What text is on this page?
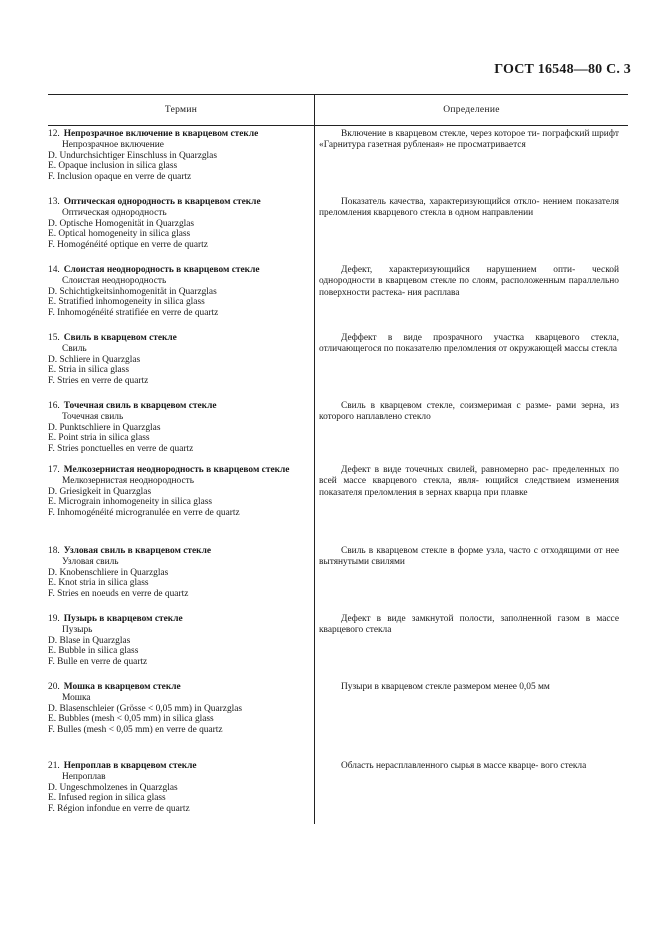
ГОСТ 16548—80 С. 3
Термин	Определение
12. Непрозрачное включение в кварцевом стекле
Непрозрачное включение
D. Undurchsichtiger Einschluss in Quarzglas
E. Opaque inclusion in silica glass
F. Inclusion opaque en verre de quartz
Включение в кварцевом стекле, через которое ти- пографский шрифт «Гарнитура газетная рубленая» не просматривается
13. Оптическая однородность в кварцевом стекле
Оптическая однородность
D. Optische Homogenität in Quarzglas
E. Optical homogeneity in silica glass
F. Homogénéité optique en verre de quartz
Показатель качества, характеризующийся откло- нением показателя преломления кварцевого стекла в одном направлении
14. Слоистая неоднородность в кварцевом стекле
Слоистая неоднородность
D. Schichtigkeitsinhomogenität in Quarzglas
E. Stratified inhomogeneity in silica glass
F. Inhomogénéité stratifiée en verre de quartz
Дефект, характеризующийся нарушением опти- ческой однородности в кварцевом стекле по слоям, расположенным параллельно поверхности растека- ния расплава
15. Свиль в кварцевом стекле
Свиль
D. Schliere in Quarzglas
E. Stria in silica glass
F. Stries en verre de quartz
Деффект в виде прозрачного участка кварцевого стекла, отличающегося по показателю преломления от окружающей массы стекла
16. Точечная свиль в кварцевом стекле
Точечная свиль
D. Punktschliere in Quarzglas
E. Point stria in silica glass
F. Stries ponctuelles en verre de quartz
Свиль в кварцевом стекле, соизмеримая с разме- рами зерна, из которого наплавлено стекло
17. Мелкозернистая неоднородность в кварцевом стекле
Мелкозернистая неоднородность
D. Griesigkeit in Quarzglas
E. Micrograin inhomogeneity in silica glass
F. Inhomogénéité microgranulée en verre de quartz
Дефект в виде точечных свилей, равномерно рас- пределенных по всей массе кварцевого стекла, явля- ющийся следствием изменения показателя преломления в зернах кварца при плавке
18. Узловая свиль в кварцевом стекле
Узловая свиль
D. Knobenschliere in Quarzglas
E. Knot stria in silica glass
F. Stries en noeuds en verre de quartz
Свиль в кварцевом стекле в форме узла, часто с отходящими от нее вытянутыми свилями
19. Пузырь в кварцевом стекле
Пузырь
D. Blase in Quarzglas
E. Bubble in silica glass
F. Bulle en verre de quartz
Дефект в виде замкнутой полости, заполненной газом в массе кварцевого стекла
20. Мошка в кварцевом стекле
Мошка
D. Blasenschleier (Grösse < 0,05 mm) in Quarzglas
E. Bubbles (mesh < 0,05 mm) in silica glass
F. Bulles (mesh < 0,05 mm) en verre de quartz
Пузыри в кварцевом стекле размером менее 0,05 мм
21. Непроплав в кварцевом стекле
Непроплав
D. Ungeschmolzenes in Quarzglas
E. Infused region in silica glass
F. Région infondue en verre de quartz
Область нерасплавленного сырья в массе кварце- вого стекла
